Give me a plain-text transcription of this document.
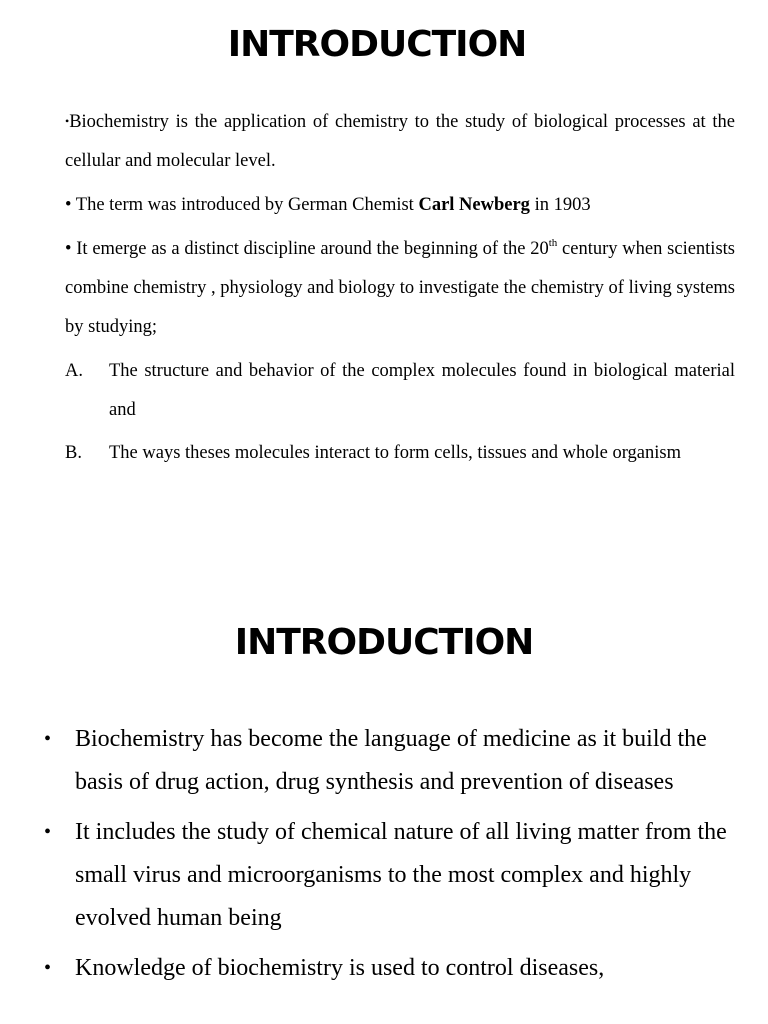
INTRODUCTION

•Biochemistry is the application of chemistry to the study of biological processes at the cellular and molecular level.

• The term was introduced by German Chemist Carl Newberg in 1903

• It emerge as a distinct discipline around the beginning of the 20th century when scientists combine chemistry , physiology and biology to investigate the chemistry of living systems by studying;

A.	The structure and behavior of the complex molecules found in biological material and
B.	The ways theses molecules interact to form cells, tissues and whole organism
INTRODUCTION
• Biochemistry has become the language of medicine as it build the basis of drug action, drug synthesis and prevention of diseases
• It includes the study of chemical nature of all living matter from the small virus and microorganisms to the most complex and highly evolved human being
• Knowledge of biochemistry is used to control diseases,
